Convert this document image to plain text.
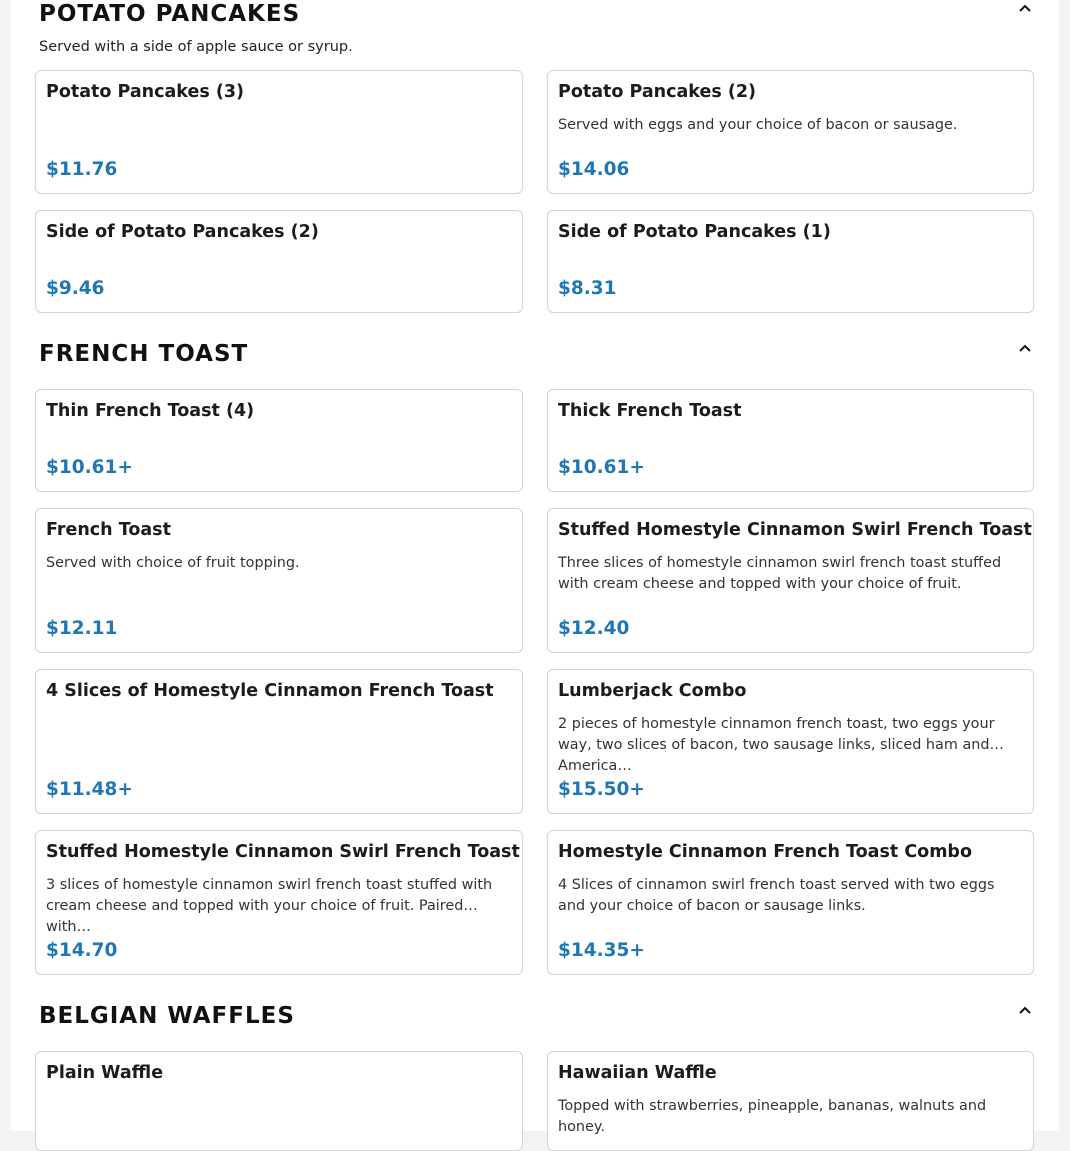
POTATO PANCAKES
Served with a side of apple sauce or syrup.
Potato Pancakes (3)
$11.76
Potato Pancakes (2)
Served with eggs and your choice of bacon or sausage.
$14.06
Side of Potato Pancakes (2)
$9.46
Side of Potato Pancakes (1)
$8.31
FRENCH TOAST
Thin French Toast (4)
$10.61+
Thick French Toast
$10.61+
French Toast
Served with choice of fruit topping.
$12.11
Stuffed Homestyle Cinnamon Swirl French Toast
Three slices of homestyle cinnamon swirl french toast stuffed with cream cheese and topped with your choice of fruit.
$12.40
4 Slices of Homestyle Cinnamon French Toast
$11.48+
Lumberjack Combo
2 pieces of homestyle cinnamon french toast, two eggs your way, two slices of bacon, two sausage links, sliced ham and America…
$15.50+
Stuffed Homestyle Cinnamon Swirl French Toast
3 slices of homestyle cinnamon swirl french toast stuffed with cream cheese and topped with your choice of fruit. Paired with…
$14.70
Homestyle Cinnamon French Toast Combo
4 Slices of cinnamon swirl french toast served with two eggs and your choice of bacon or sausage links.
$14.35+
BELGIAN WAFFLES
Plain Waffle	Hawaiian Waffle
Topped with strawberries, pineapple, bananas, walnuts and honey.
